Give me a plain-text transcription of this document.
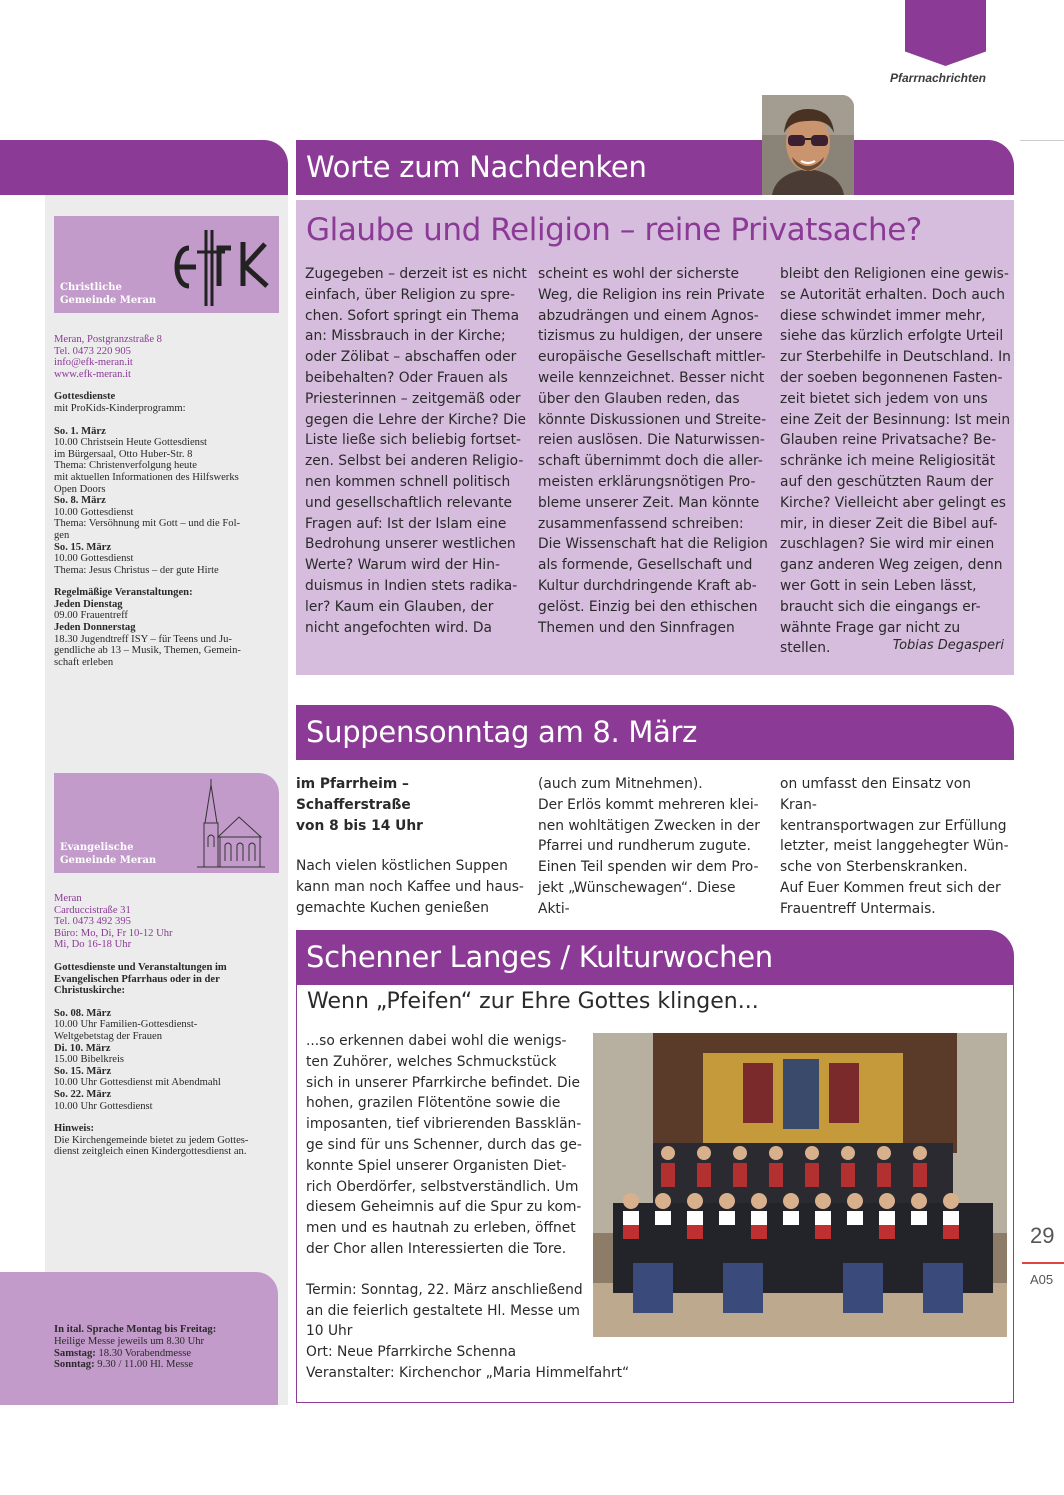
Pfarrnachrichten
Christliche
Gemeinde Meran
Meran, Postgranzstraße 8
Tel. 0473 220 905
info@efk-meran.it
www.efk-meran.it
Gottesdienste
mit ProKids-Kinderprogramm:
So. 1. März
10.00 Christsein Heute Gottesdienst
im Bürgersaal, Otto Huber-Str. 8
Thema: Christenverfolgung heute
mit aktuellen Informationen des Hilfswerks
Open Doors
So. 8. März
10.00 Gottesdienst
Thema: Versöhnung mit Gott – und die Fol-
gen
So. 15. März
10.00 Gottesdienst
Thema: Jesus Christus – der gute Hirte
Regelmäßige Veranstaltungen:
Jeden Dienstag
09.00 Frauentreff
Jeden Donnerstag
18.30 Jugendtreff ISY – für Teens und Ju-
gendliche ab 13 – Musik, Themen, Gemein-
schaft erleben
Evangelische
Gemeinde Meran
Meran
Carduccistraße 31
Tel. 0473 492 395
Büro: Mo, Di, Fr 10-12 Uhr
Mi, Do 16-18 Uhr
Gottesdienste und Veranstaltungen im
Evangelischen Pfarrhaus oder in der
Christuskirche:
So. 08. März
10.00 Uhr Familien-Gottesdienst-
Weltgebetstag der Frauen
Di. 10. März
15.00 Bibelkreis
So. 15. März
10.00 Uhr Gottesdienst mit Abendmahl
So. 22. März
10.00 Uhr Gottesdienst
Hinweis:
Die Kirchengemeinde bietet zu jedem Gottes-
dienst zeitgleich einen Kindergottesdienst an.
In ital. Sprache Montag bis Freitag:
Heilige Messe jeweils um 8.30 Uhr
Samstag: 18.30 Vorabendmesse
Sonntag: 9.30 / 11.00 Hl. Messe
29
A05
Worte zum Nachdenken
Glaube und Religion – reine Privatsache?
Zugegeben – derzeit ist es nicht
einfach, über Religion zu spre-
chen. Sofort springt ein Thema
an: Missbrauch in der Kirche;
oder Zölibat – abschaffen oder
beibehalten? Oder Frauen als
Priesterinnen – zeitgemäß oder
gegen die Lehre der Kirche? Die
Liste ließe sich beliebig fortset-
zen. Selbst bei anderen Religio-
nen kommen schnell politisch
und gesellschaftlich relevante
Fragen auf: Ist der Islam eine
Bedrohung unserer westlichen
Werte? Warum wird der Hin-
duismus in Indien stets radika-
ler? Kaum ein Glauben, der
nicht angefochten wird. Da
scheint es wohl der sicherste
Weg, die Religion ins rein Private
abzudrängen und einem Agnos-
tizismus zu huldigen, der unsere
europäische Gesellschaft mittler-
weile kennzeichnet. Besser nicht
über den Glauben reden, das
könnte Diskussionen und Streite-
reien auslösen. Die Naturwissen-
schaft übernimmt doch die aller-
meisten erklärungsnötigen Pro-
bleme unserer Zeit. Man könnte
zusammenfassend schreiben:
Die Wissenschaft hat die Religion
als formende, Gesellschaft und
Kultur durchdringende Kraft ab-
gelöst. Einzig bei den ethischen
Themen und den Sinnfragen
bleibt den Religionen eine gewis-
se Autorität erhalten. Doch auch
diese schwindet immer mehr,
siehe das kürzlich erfolgte Urteil
zur Sterbehilfe in Deutschland. In
der soeben begonnenen Fasten-
zeit bietet sich jedem von uns
eine Zeit der Besinnung: Ist mein
Glauben reine Privatsache? Be-
schränke ich meine Religiosität
auf den geschützten Raum der
Kirche? Vielleicht aber gelingt es
mir, in dieser Zeit die Bibel auf-
zuschlagen? Sie wird mir einen
ganz anderen Weg zeigen, denn
wer Gott in sein Leben lässt,
braucht sich die eingangs er-
wähnte Frage gar nicht zu stellen.	Tobias Degasperi
Suppensonntag am 8. März
im Pfarrheim – Schafferstraße
von 8 bis 14 Uhr
Nach vielen köstlichen Suppen
kann man noch Kaffee und haus-
gemachte Kuchen genießen
(auch zum Mitnehmen).
Der Erlös kommt mehreren klei-
nen wohltätigen Zwecken in der
Pfarrei und rundherum zugute.
Einen Teil spenden wir dem Pro-
jekt „Wünschewagen“. Diese Akti-
on umfasst den Einsatz von Kran-
kentransportwagen zur Erfüllung
letzter, meist langgehegter Wün-
sche von Sterbenskranken.
Auf Euer Kommen freut sich der
Frauentreff Untermais.
Schenner Langes / Kulturwochen
Wenn „Pfeifen“ zur Ehre Gottes klingen...
...so erkennen dabei wohl die wenigs-
ten Zuhörer, welches Schmuckstück
sich in unserer Pfarrkirche befindet. Die
hohen, grazilen Flötentöne sowie die
imposanten, tief vibrierenden Bassklän-
ge sind für uns Schenner, durch das ge-
konnte Spiel unserer Organisten Diet-
rich Oberdörfer, selbstverständlich. Um
diesem Geheimnis auf die Spur zu kom-
men und es hautnah zu erleben, öffnet
der Chor allen Interessierten die Tore.
Termin: Sonntag, 22. März anschließend
an die feierlich gestaltete Hl. Messe um
10 Uhr
Ort: Neue Pfarrkirche Schenna
Veranstalter: Kirchenchor „Maria Himmelfahrt“
